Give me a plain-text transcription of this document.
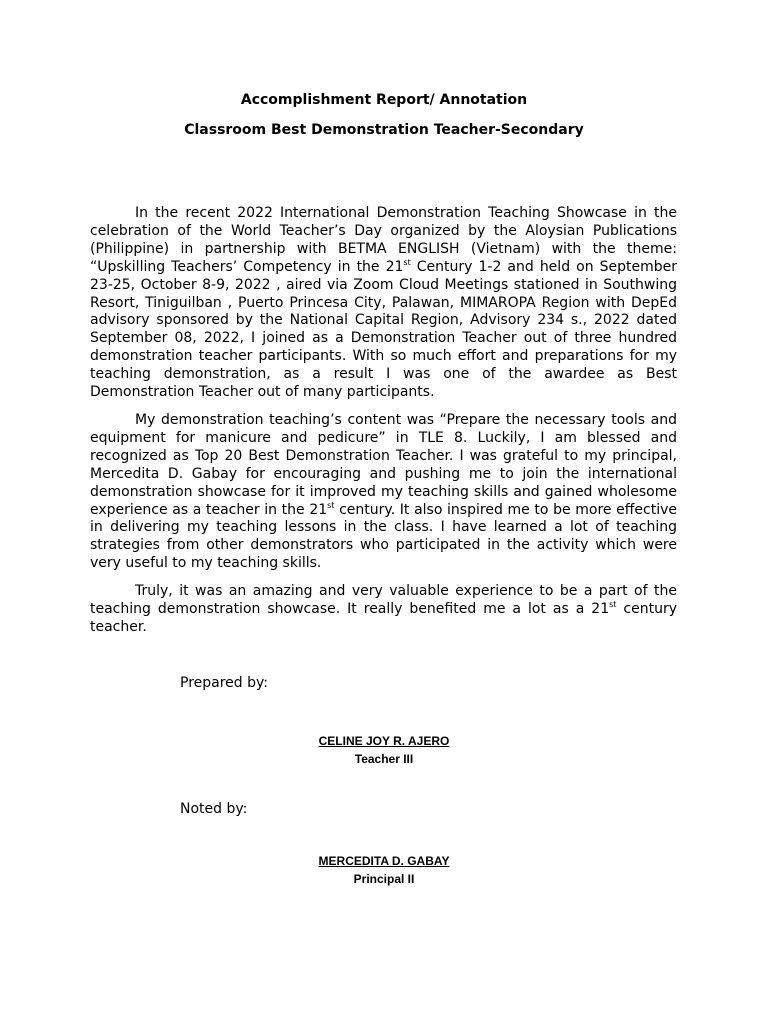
Accomplishment Report/ Annotation
Classroom Best Demonstration Teacher-Secondary

In the recent 2022 International Demonstration Teaching Showcase in the celebration of the World Teacher’s Day organized by the Aloysian Publications (Philippine) in partnership with BETMA ENGLISH (Vietnam) with the theme: “Upskilling Teachers’ Competency in the 21st Century 1-2 and held on September 23-25, October 8-9, 2022 , aired via Zoom Cloud Meetings stationed in Southwing Resort, Tiniguilban , Puerto Princesa City, Palawan, MIMAROPA Region with DepEd advisory sponsored by the National Capital Region, Advisory 234 s., 2022 dated September 08, 2022, I joined as a Demonstration Teacher out of three hundred demonstration teacher participants. With so much effort and preparations for my teaching demonstration, as a result I was one of the awardee as Best Demonstration Teacher out of many participants.

My demonstration teaching’s content was “Prepare the necessary tools and equipment for manicure and pedicure” in TLE 8. Luckily, I am blessed and recognized as Top 20 Best Demonstration Teacher. I was grateful to my principal, Mercedita D. Gabay for encouraging and pushing me to join the international demonstration showcase for it improved my teaching skills and gained wholesome experience as a teacher in the 21st century. It also inspired me to be more effective in delivering my teaching lessons in the class. I have learned a lot of teaching strategies from other demonstrators who participated in the activity which were very useful to my teaching skills.

Truly, it was an amazing and very valuable experience to be a part of the teaching demonstration showcase. It really benefited me a lot as a 21st century teacher.

Prepared by:
CELINE JOY R. AJERO
Teacher III
Noted by:
MERCEDITA D. GABAY
Principal II
